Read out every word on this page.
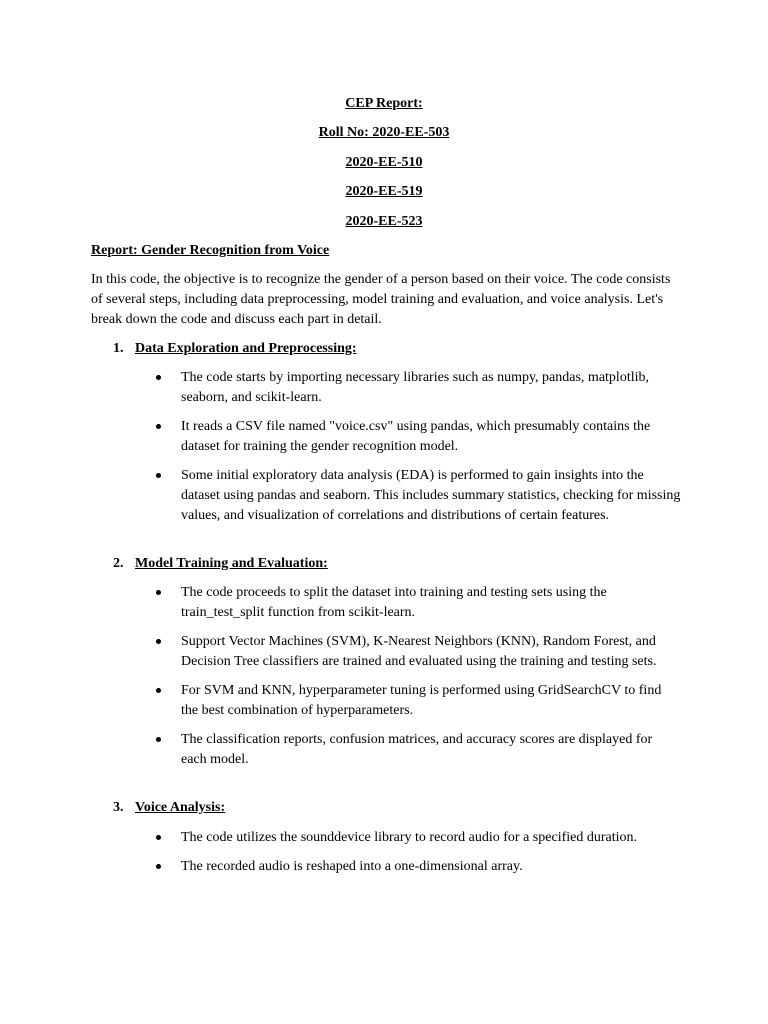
CEP Report:
Roll No: 2020-EE-503
2020-EE-510
2020-EE-519
2020-EE-523
Report: Gender Recognition from Voice

In this code, the objective is to recognize the gender of a person based on their voice. The code consists of several steps, including data preprocessing, model training and evaluation, and voice analysis. Let's break down the code and discuss each part in detail.

1. Data Exploration and Preprocessing:
The code starts by importing necessary libraries such as numpy, pandas, matplotlib, seaborn, and scikit-learn.
It reads a CSV file named "voice.csv" using pandas, which presumably contains the dataset for training the gender recognition model.
Some initial exploratory data analysis (EDA) is performed to gain insights into the dataset using pandas and seaborn. This includes summary statistics, checking for missing values, and visualization of correlations and distributions of certain features.
2. Model Training and Evaluation:
The code proceeds to split the dataset into training and testing sets using the train_test_split function from scikit-learn.
Support Vector Machines (SVM), K-Nearest Neighbors (KNN), Random Forest, and Decision Tree classifiers are trained and evaluated using the training and testing sets.
For SVM and KNN, hyperparameter tuning is performed using GridSearchCV to find the best combination of hyperparameters.
The classification reports, confusion matrices, and accuracy scores are displayed for each model.
3. Voice Analysis:
The code utilizes the sounddevice library to record audio for a specified duration.
The recorded audio is reshaped into a one-dimensional array.
